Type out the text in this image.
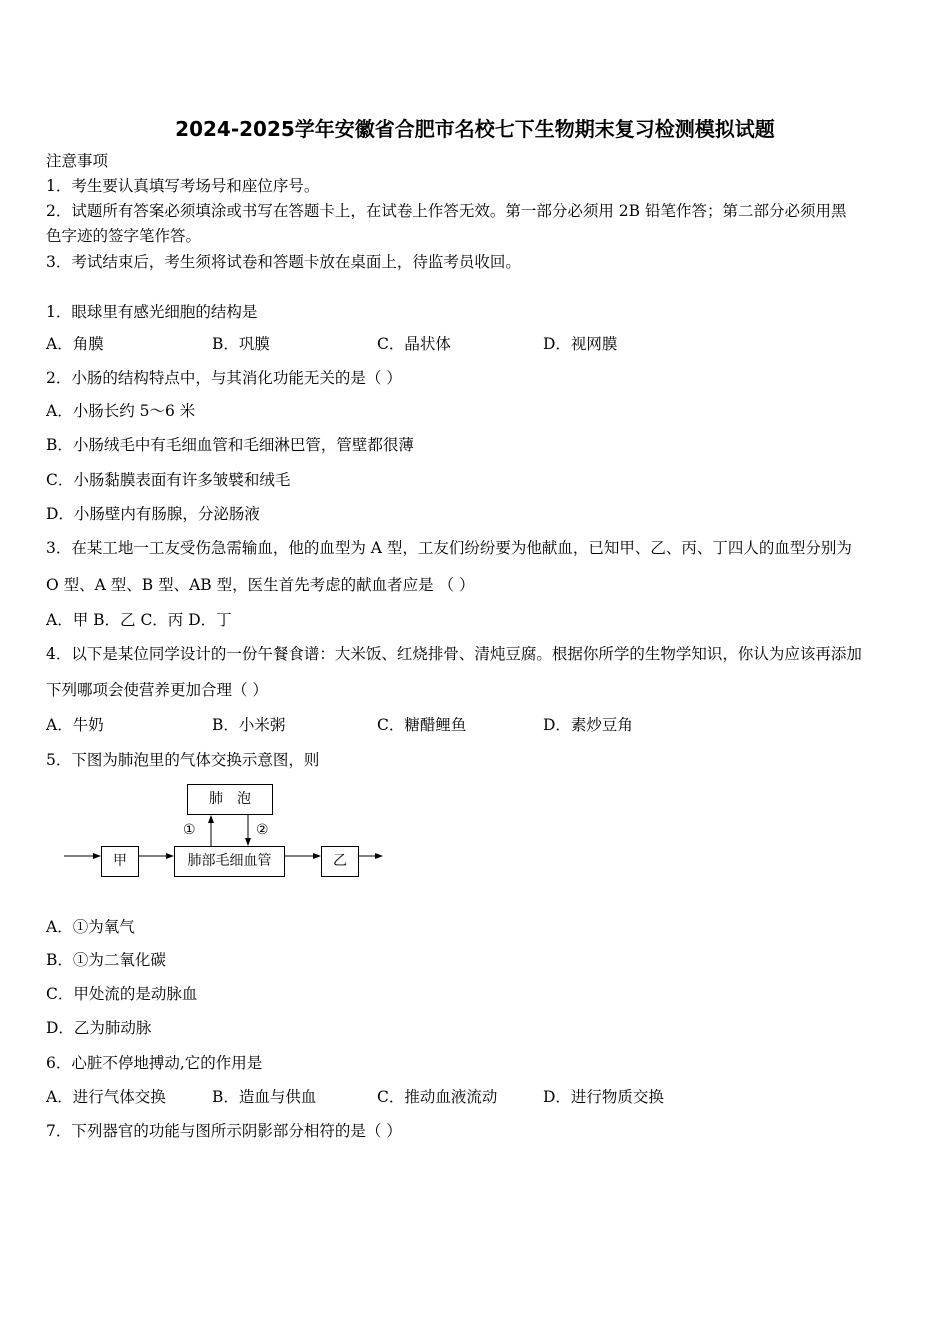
2024-2025学年安徽省合肥市名校七下生物期末复习检测模拟试题
注意事项
1．考生要认真填写考场号和座位序号。
2．试题所有答案必须填涂或书写在答题卡上，在试卷上作答无效。第一部分必须用 2B 铅笔作答；第二部分必须用黑
色字迹的签字笔作答。
3．考试结束后，考生须将试卷和答题卡放在桌面上，待监考员收回。
1．眼球里有感光细胞的结构是
A．角膜	B．巩膜	C．晶状体	D．视网膜
2．小肠的结构特点中，与其消化功能无关的是（ ）
A．小肠长约 5～6 米
B．小肠绒毛中有毛细血管和毛细淋巴管，管壁都很薄
C．小肠黏膜表面有许多皱襞和绒毛
D．小肠壁内有肠腺，分泌肠液
3．在某工地一工友受伤急需输血，他的血型为 A 型，工友们纷纷要为他献血，已知甲、乙、丙、丁四人的血型分别为
O 型、A 型、B 型、AB 型，医生首先考虑的献血者应是 （ ）
A．甲 B．乙 C．丙 D．丁
4．以下是某位同学设计的一份午餐食谱：大米饭、红烧排骨、清炖豆腐。根据你所学的生物学知识，你认为应该再添加
下列哪项会使营养更加合理（ ）
A．牛奶	B．小米粥	C．糖醋鲤鱼	D．素炒豆角
5．下图为肺泡里的气体交换示意图，则
肺　泡
肺部毛细血管
甲	乙
①	②
A．①为氧气
B．①为二氧化碳
C．甲处流的是动脉血
D．乙为肺动脉
6．心脏不停地搏动,它的作用是
A．进行气体交换	B．造血与供血	C．推动血液流动	D．进行物质交换
7．下列器官的功能与图所示阴影部分相符的是（ ）
